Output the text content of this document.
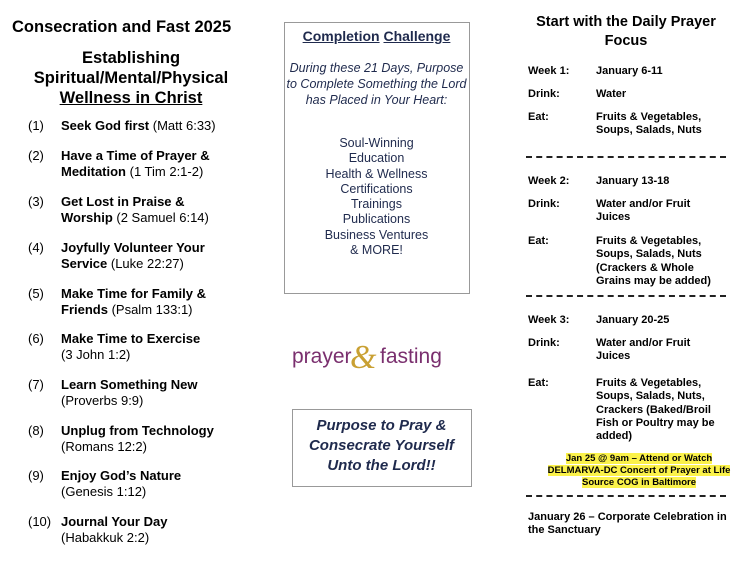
Consecration and Fast 2025
Establishing
Spiritual/Mental/Physical
Wellness in Christ
(1) Seek God first (Matt 6:33)
(2) Have a Time of Prayer & Meditation (1 Tim 2:1-2)
(3) Get Lost in Praise & Worship (2 Samuel 6:14)
(4) Joyfully Volunteer Your Service (Luke 22:27)
(5) Make Time for Family & Friends (Psalm 133:1)
(6) Make Time to Exercise
(3 John 1:2)
(7) Learn Something New
(Proverbs 9:9)
(8) Unplug from Technology
(Romans 12:2)
(9) Enjoy God’s Nature
(Genesis 1:12)
(10) Journal Your Day
(Habakkuk 2:2)
Completion Challenge
During these 21 Days, Purpose to Complete Something the Lord has Placed in Your Heart:
Soul-Winning
Education
Health & Wellness
Certifications
Trainings
Publications
Business Ventures
& MORE!
prayer
& fasting
Purpose to Pray & Consecrate Yourself Unto the Lord!!
Start with the Daily Prayer Focus
Week 1: January 6-11
Drink:	Water
Eat:	Fruits & Vegetables, Soups, Salads, Nuts
Week 2: January 13-18
Drink:	Water and/or Fruit Juices
Eat:	Fruits & Vegetables, Soups, Salads, Nuts (Crackers & Whole Grains may be added)
Week 3: January 20-25
Drink:	Water and/or Fruit Juices
Eat:	Fruits & Vegetables, Soups, Salads, Nuts, Crackers (Baked/Broil Fish or Poultry may be added)
Jan 25 @ 9am – Attend or Watch
DELMARVA-DC Concert of Prayer at Life
Source COG in Baltimore
January 26 – Corporate Celebration in the Sanctuary
